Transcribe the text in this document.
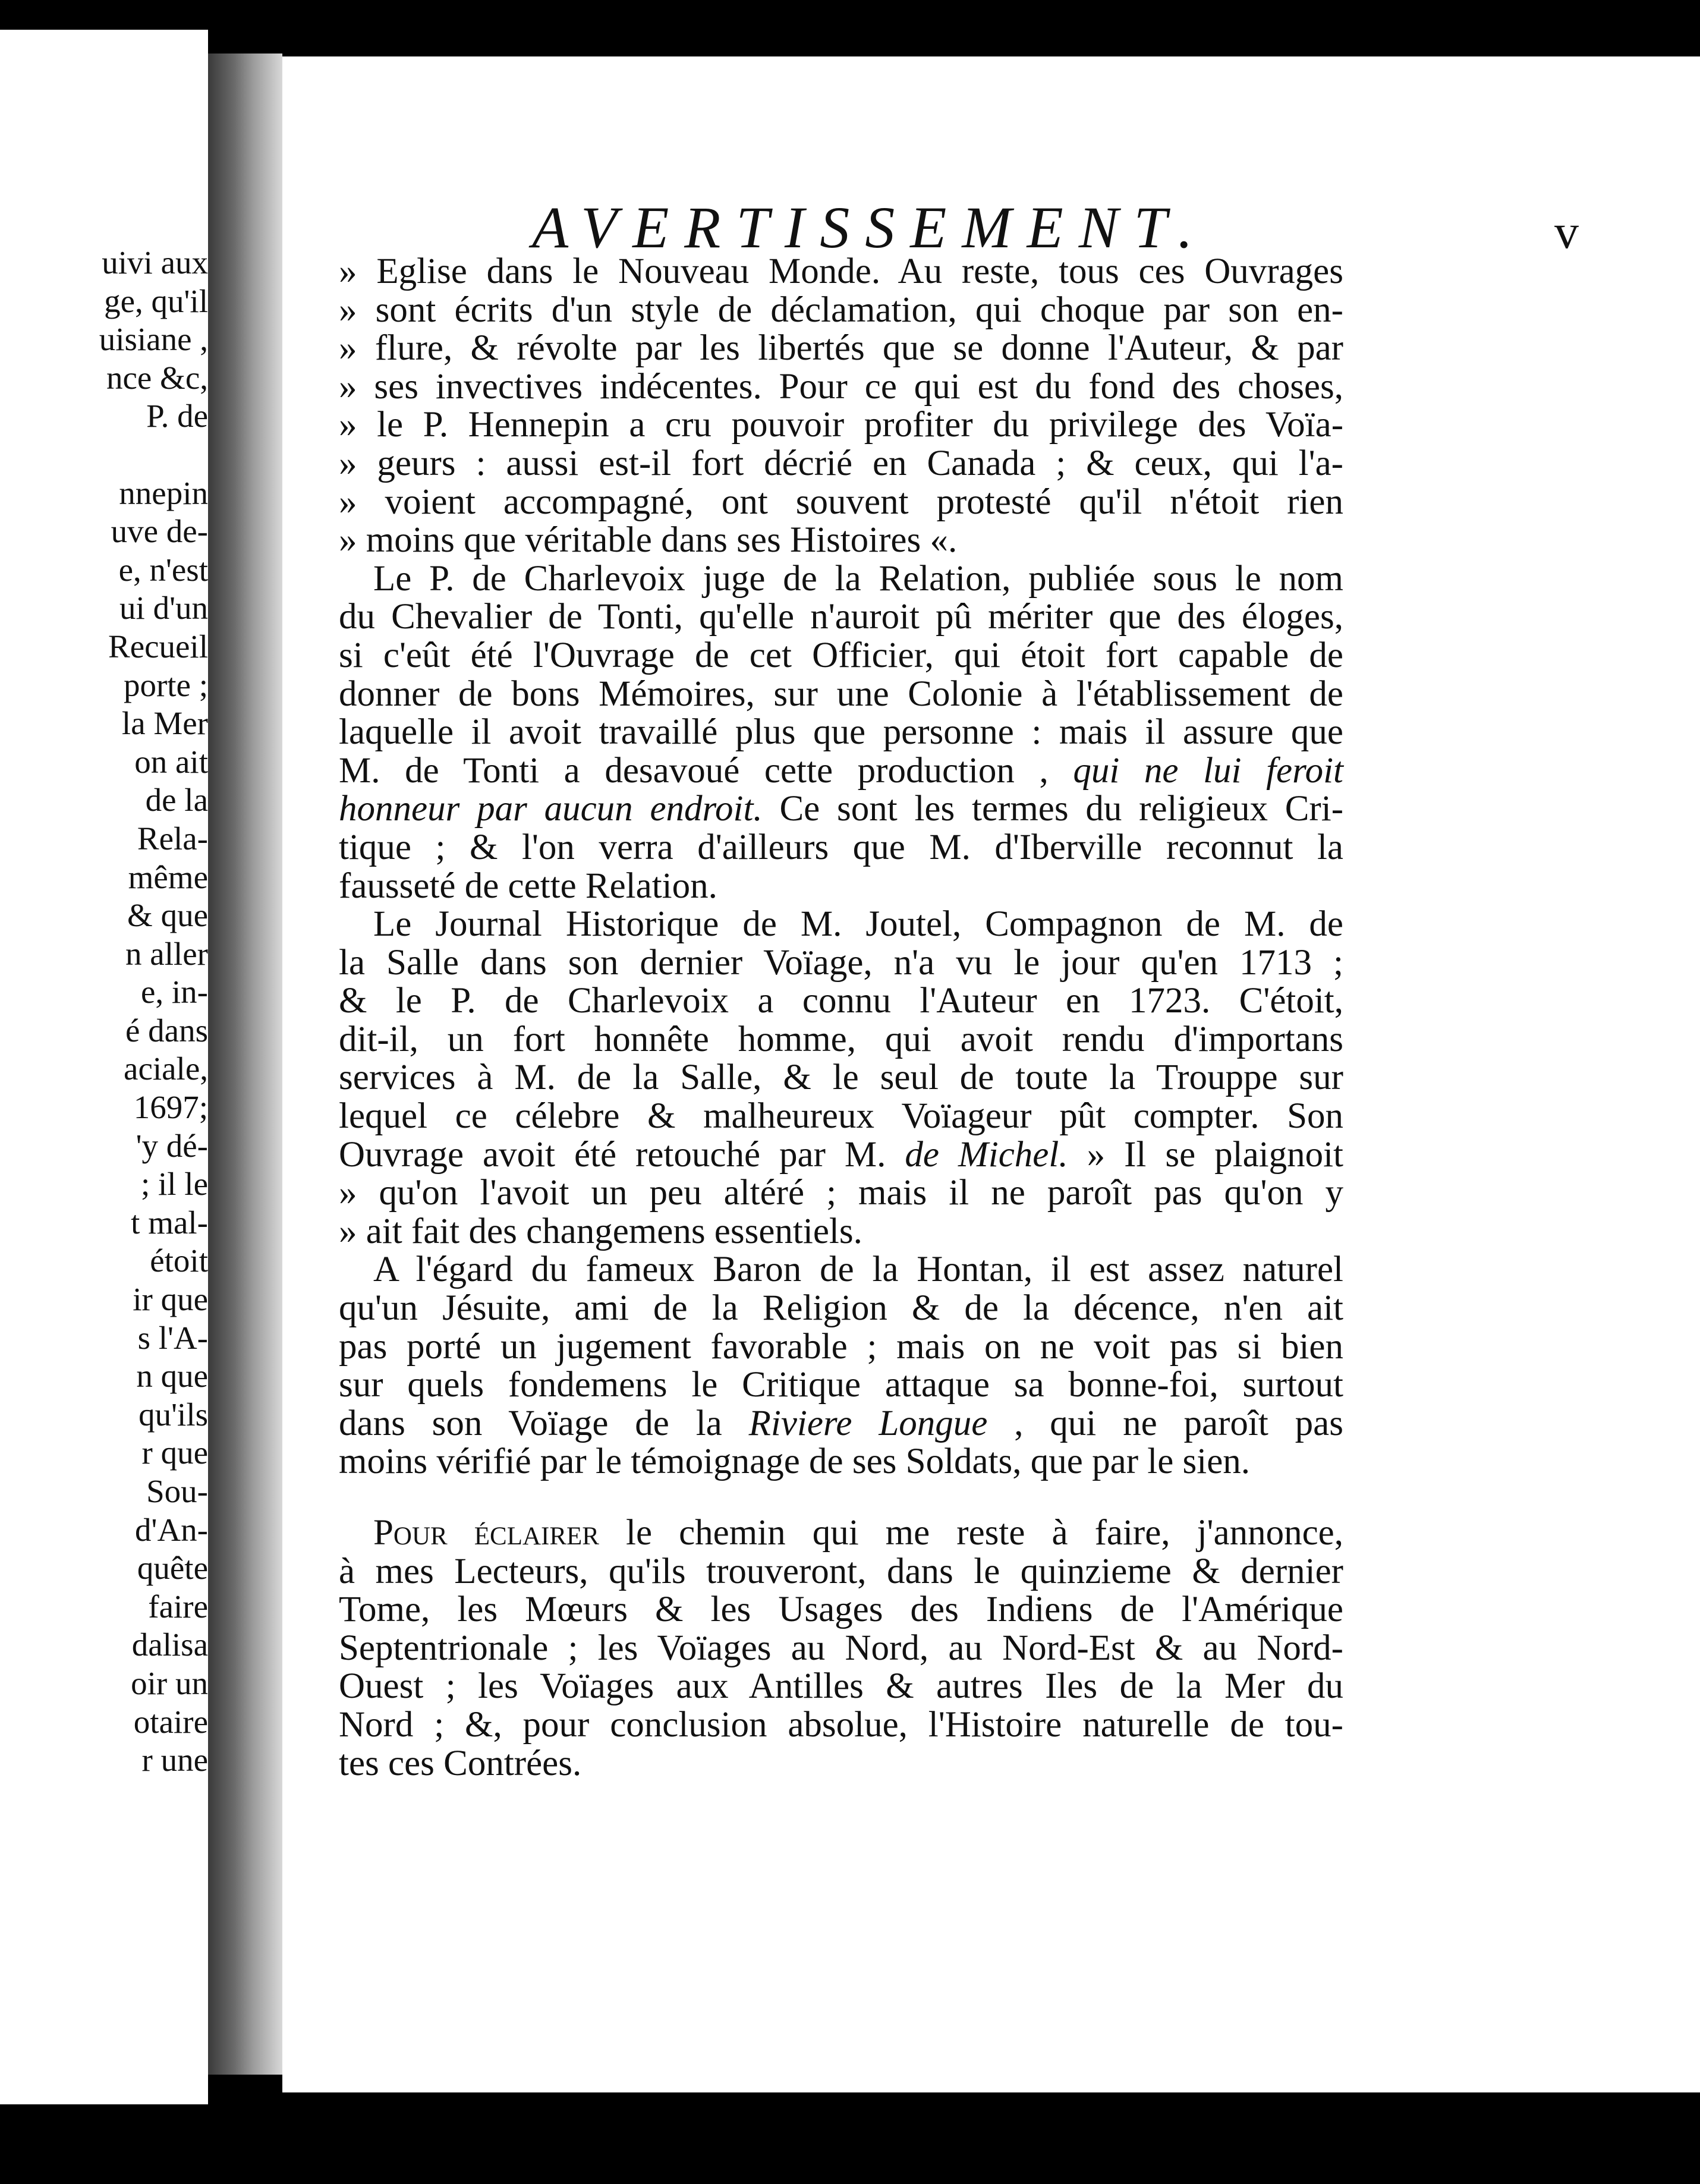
uivi aux
ge, qu'il
uisiane ,
nce &c,
P. de
nnepin
uve de-
e, n'est
ui d'un
Recueil
porte ;
la Mer
on ait
de la
Rela-
même
& que
n aller
e, in-
é dans
aciale,
1697;
'y dé-
; il le
t mal-
étoit
ir que
s l'A-
n que
qu'ils
r que
Sou-
d'An-
quête
faire
dalisa
oir un
otaire
r une
AVERTISSEMENT.	v
» Eglise dans le Nouveau Monde. Au reste, tous ces Ouvrages
» sont écrits d'un style de déclamation, qui choque par son en-
» flure, & révolte par les libertés que se donne l'Auteur, & par
» ses invectives indécentes. Pour ce qui est du fond des choses,
» le P. Hennepin a cru pouvoir profiter du privilege des Voïa-
» geurs : aussi est-il fort décrié en Canada ; & ceux, qui l'a-
» voient accompagné, ont souvent protesté qu'il n'étoit rien
» moins que véritable dans ses Histoires «.
Le P. de Charlevoix juge de la Relation, publiée sous le nom
du Chevalier de Tonti, qu'elle n'auroit pû mériter que des éloges,
si c'eût été l'Ouvrage de cet Officier, qui étoit fort capable de
donner de bons Mémoires, sur une Colonie à l'établissement de
laquelle il avoit travaillé plus que personne : mais il assure que
M. de Tonti a desavoué cette production , qui ne lui feroit
honneur par aucun endroit. Ce sont les termes du religieux Cri-
tique ; & l'on verra d'ailleurs que M. d'Iberville reconnut la
fausseté de cette Relation.
Le Journal Historique de M. Joutel, Compagnon de M. de
la Salle dans son dernier Voïage, n'a vu le jour qu'en 1713 ;
& le P. de Charlevoix a connu l'Auteur en 1723. C'étoit,
dit-il, un fort honnête homme, qui avoit rendu d'importans
services à M. de la Salle, & le seul de toute la Trouppe sur
lequel ce célebre & malheureux Voïageur pût compter. Son
Ouvrage avoit été retouché par M. de Michel. » Il se plaignoit
» qu'on l'avoit un peu altéré ; mais il ne paroît pas qu'on y
» ait fait des changemens essentiels.
A l'égard du fameux Baron de la Hontan, il est assez naturel
qu'un Jésuite, ami de la Religion & de la décence, n'en ait
pas porté un jugement favorable ; mais on ne voit pas si bien
sur quels fondemens le Critique attaque sa bonne-foi, surtout
dans son Voïage de la Riviere Longue , qui ne paroît pas
moins vérifié par le témoignage de ses Soldats, que par le sien.
Pour éclairer le chemin qui me reste à faire, j'annonce,
à mes Lecteurs, qu'ils trouveront, dans le quinzieme & dernier
Tome, les Mœurs & les Usages des Indiens de l'Amérique
Septentrionale ; les Voïages au Nord, au Nord-Est & au Nord-
Ouest ; les Voïages aux Antilles & autres Iles de la Mer du
Nord ; &, pour conclusion absolue, l'Histoire naturelle de tou-
tes ces Contrées.
